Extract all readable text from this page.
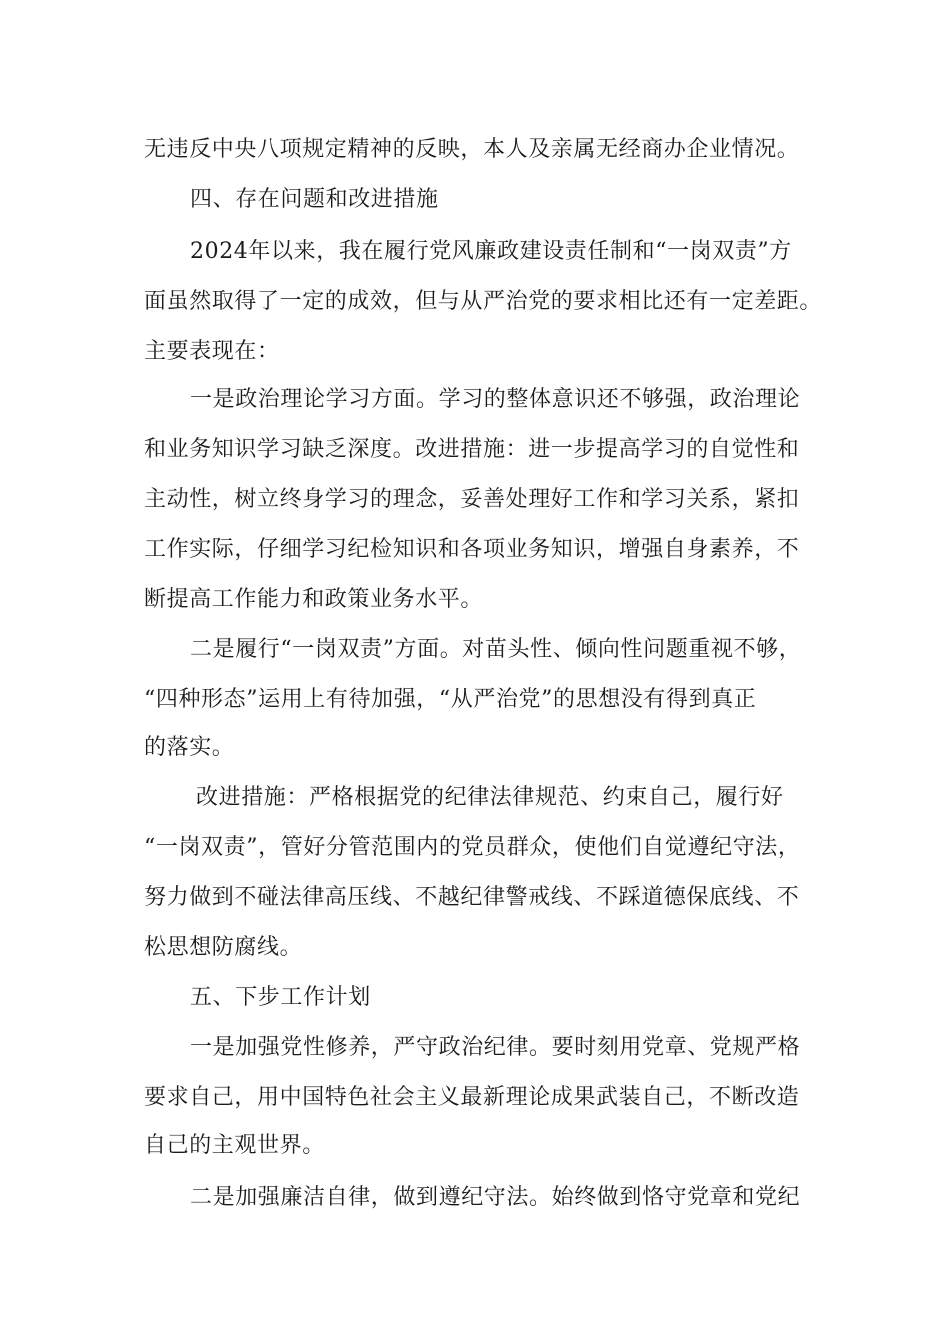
无违反中央八项规定精神的反映，本人及亲属无经商办企业情况。
四、存在问题和改进措施
2024年以来，我在履行党风廉政建设责任制和“一岗双责”方
面虽然取得了一定的成效，但与从严治党的要求相比还有一定差距。
主要表现在：
一是政治理论学习方面。学习的整体意识还不够强，政治理论
和业务知识学习缺乏深度。改进措施：进一步提高学习的自觉性和
主动性，树立终身学习的理念，妥善处理好工作和学习关系，紧扣
工作实际，仔细学习纪检知识和各项业务知识，增强自身素养，不
断提高工作能力和政策业务水平。
二是履行“一岗双责”方面。对苗头性、倾向性问题重视不够，
“四种形态”运用上有待加强，“从严治党”的思想没有得到真正
的落实。
改进措施：严格根据党的纪律法律规范、约束自己，履行好
“一岗双责”，管好分管范围内的党员群众，使他们自觉遵纪守法，
努力做到不碰法律高压线、不越纪律警戒线、不踩道德保底线、不
松思想防腐线。
五、下步工作计划
一是加强党性修养，严守政治纪律。要时刻用党章、党规严格
要求自己，用中国特色社会主义最新理论成果武装自己，不断改造
自己的主观世界。
二是加强廉洁自律，做到遵纪守法。始终做到恪守党章和党纪
